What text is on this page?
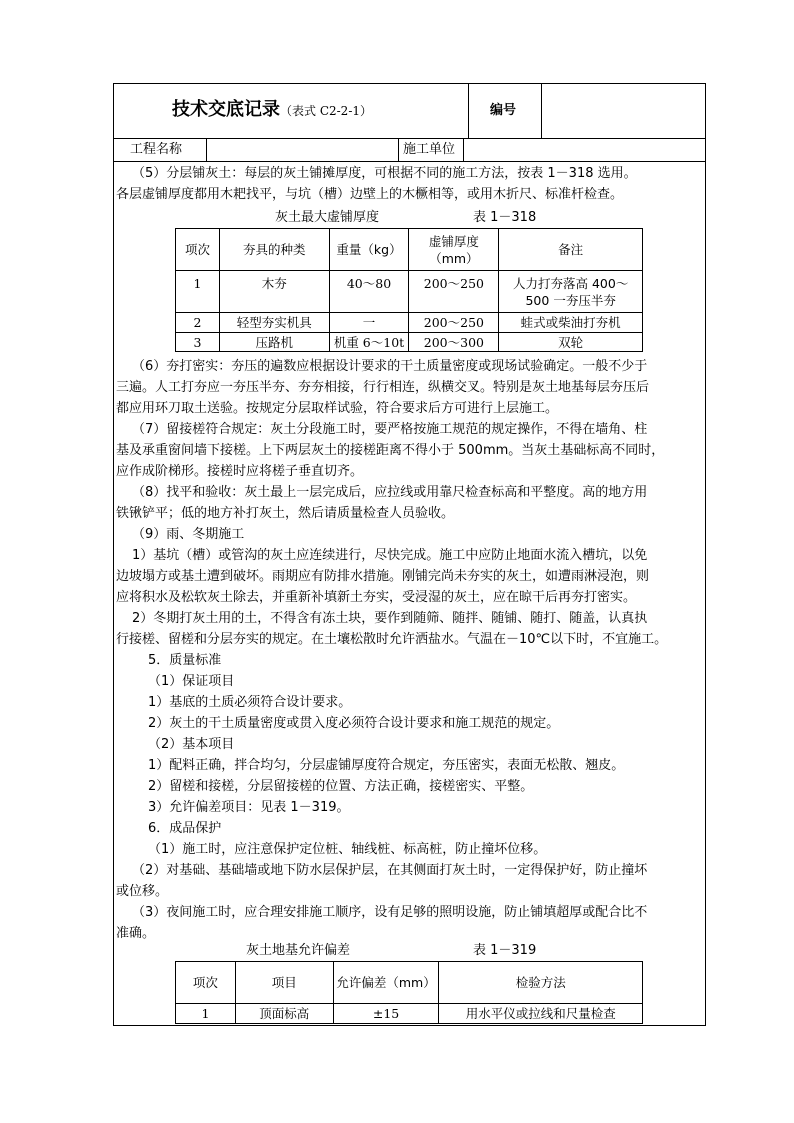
技术交底记录（表式 C2-2-1）	编号
工程名称	施工单位
（5）分层铺灰土：每层的灰土铺摊厚度，可根据不同的施工方法，按表 1－318 选用。
各层虚铺厚度都用木耙找平，与坑（槽）边壁上的木橛相等，或用木折尺、标准杆检查。
灰土最大虚铺厚度	表 1－318
项次	夯具的种类	重量（kg）	虚铺厚度（mm）	备注
1	木夯	40～80	200～250	人力打夯落高 400～500 一夯压半夯
2	轻型夯实机具	一	200～250	蛙式或柴油打夯机
3	压路机	机重 6～10t	200～300	双轮
（6）夯打密实：夯压的遍数应根据设计要求的干土质量密度或现场试验确定。一般不少于
三遍。人工打夯应一夯压半夯、夯夯相接，行行相连，纵横交叉。特别是灰土地基每层夯压后
都应用环刀取土送验。按规定分层取样试验，符合要求后方可进行上层施工。
（7）留接槎符合规定：灰土分段施工时，要严格按施工规范的规定操作，不得在墙角、柱
基及承重窗间墙下接槎。上下两层灰土的接槎距离不得小于 500mm。当灰土基础标高不同时，
应作成阶梯形。接槎时应将槎子垂直切齐。
（8）找平和验收：灰土最上一层完成后，应拉线或用靠尺检查标高和平整度。高的地方用
铁锹铲平；低的地方补打灰土，然后请质量检查人员验收。
（9）雨、冬期施工
1）基坑（槽）或管沟的灰土应连续进行，尽快完成。施工中应防止地面水流入槽坑，以免
边坡塌方或基土遭到破坏。雨期应有防排水措施。刚铺完尚未夯实的灰土，如遭雨淋浸泡，则
应将积水及松软灰土除去，并重新补填新土夯实，受浸湿的灰土，应在晾干后再夯打密实。
2）冬期打灰土用的土，不得含有冻土块，要作到随筛、随拌、随铺、随打、随盖，认真执
行接槎、留槎和分层夯实的规定。在土壤松散时允许洒盐水。气温在－10℃以下时，不宜施工。
5．质量标准
（1）保证项目
1）基底的土质必须符合设计要求。
2）灰土的干土质量密度或贯入度必须符合设计要求和施工规范的规定。
（2）基本项目
1）配料正确，拌合均匀，分层虚铺厚度符合规定，夯压密实，表面无松散、翘皮。
2）留槎和接槎，分层留接槎的位置、方法正确，接槎密实、平整。
3）允许偏差项目：见表 1－319。
6．成品保护
（1）施工时，应注意保护定位桩、轴线桩、标高桩，防止撞坏位移。
（2）对基础、基础墙或地下防水层保护层，在其侧面打灰土时，一定得保护好，防止撞坏
或位移。
（3）夜间施工时，应合理安排施工顺序，设有足够的照明设施，防止铺填超厚或配合比不
准确。
灰土地基允许偏差	表 1－319
项次	项目	允许偏差（mm）	检验方法
1	顶面标高	±15	用水平仪或拉线和尺量检查
